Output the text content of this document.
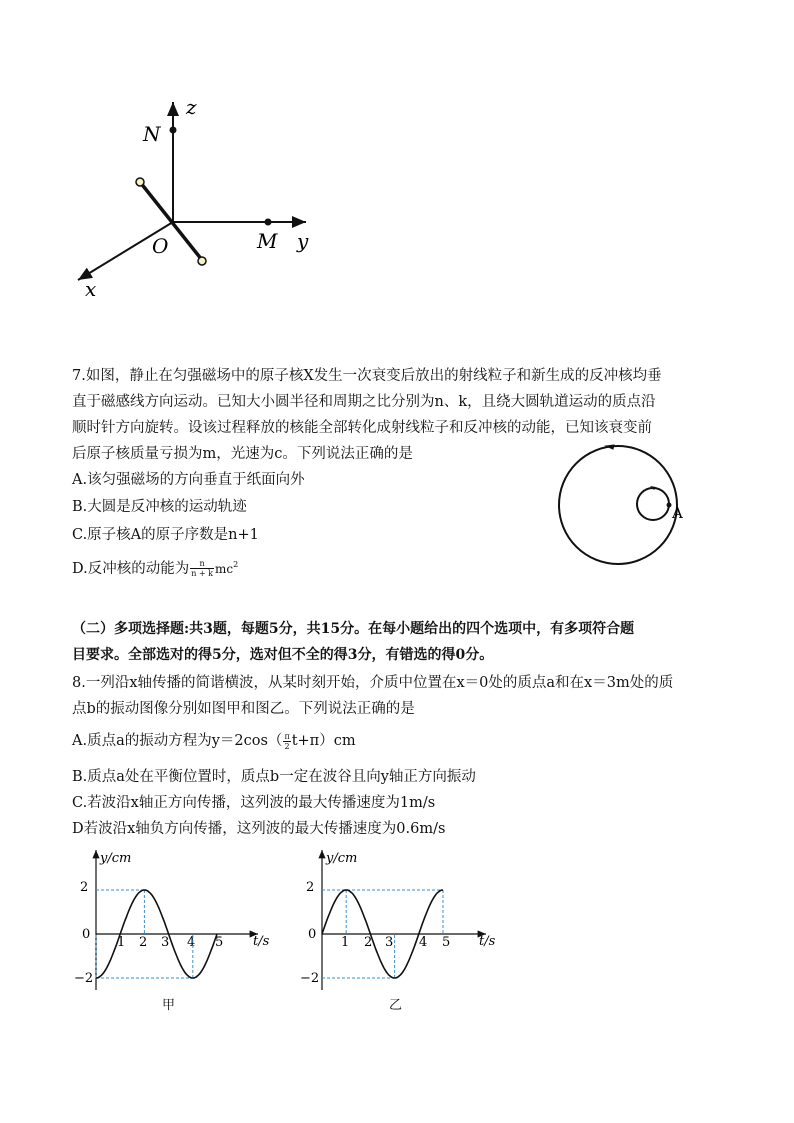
z
N
O	M y
x
7.如图，静止在匀强磁场中的原子核X发生一次衰变后放出的射线粒子和新生成的反冲核均垂
直于磁感线方向运动。已知大小圆半径和周期之比分别为n、k，且绕大圆轨道运动的质点沿
顺时针方向旋转。设该过程释放的核能全部转化成射线粒子和反冲核的动能，已知该衰变前
后原子核质量亏损为m，光速为c。下列说法正确的是
A.该匀强磁场的方向垂直于纸面向外
B.大圆是反冲核的运动轨迹
C.原子核A的原子序数是n+1
D.反冲核的动能为 $\frac{n}{n + k} mc^2$
A
（二）多项选择题:共3题，每题5分，共15分。在每小题给出的四个选项中，有多项符合题
目要求。全部选对的得5分，选对但不全的得3分，有错选的得0分。
8.一列沿x轴传播的简谐横波，从某时刻开始，介质中位置在x＝0处的质点a和在x＝3m处的质
点b的振动图像分别如图甲和图乙。下列说法正确的是
A.质点a的振动方程为$y=2\cos( \frac{\pi}{2} t+\pi)cm$
B.质点a处在平衡位置时，质点b一定在波谷且向y轴正方向振动
C.若波沿x轴正方向传播，这列波的最大传播速度为1m/s
D若波沿x轴负方向传播，这列波的最大传播速度为0.6m/s
y/cm
t/s
2
0
−2
1 2 3 4 5
甲
y/cm
t/s
2
0
−2
1 2 3 4 5
乙
